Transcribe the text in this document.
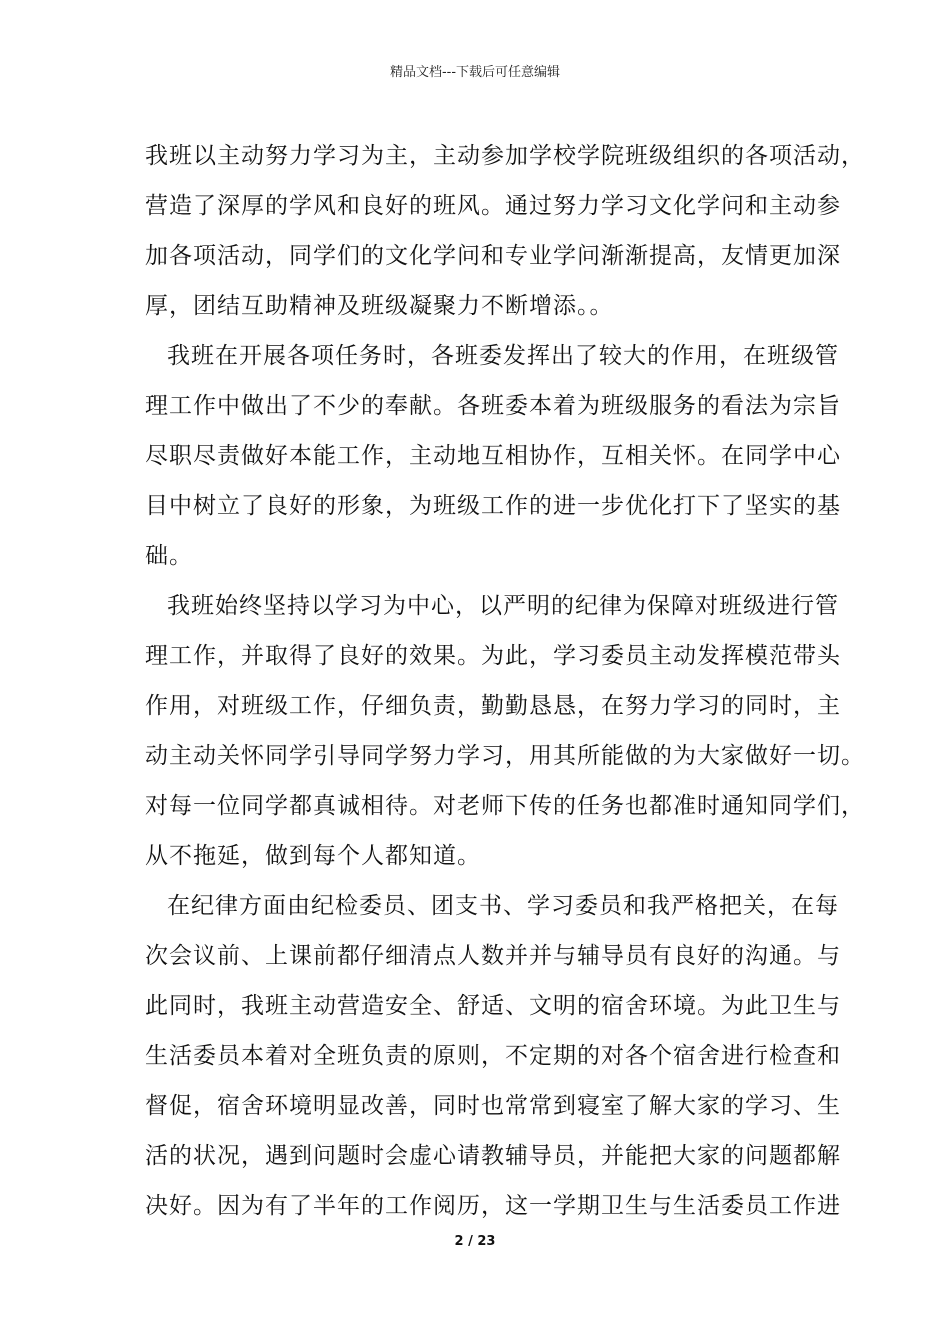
精品文档---下载后可任意编辑

我班以主动努力学习为主，主动参加学校学院班级组织的各项活动，
营造了深厚的学风和良好的班风。通过努力学习文化学问和主动参
加各项活动，同学们的文化学问和专业学问渐渐提高，友情更加深
厚，团结互助精神及班级凝聚力不断增添。。

我班在开展各项任务时，各班委发挥出了较大的作用，在班级管
理工作中做出了不少的奉献。各班委本着为班级服务的看法为宗旨
尽职尽责做好本能工作，主动地互相协作，互相关怀。在同学中心
目中树立了良好的形象，为班级工作的进一步优化打下了坚实的基
础。

我班始终坚持以学习为中心，以严明的纪律为保障对班级进行管
理工作，并取得了良好的效果。为此，学习委员主动发挥模范带头
作用，对班级工作，仔细负责，勤勤恳恳，在努力学习的同时，主
动主动关怀同学引导同学努力学习，用其所能做的为大家做好一切。
对每一位同学都真诚相待。对老师下传的任务也都准时通知同学们，
从不拖延，做到每个人都知道。

在纪律方面由纪检委员、团支书、学习委员和我严格把关，在每
次会议前、上课前都仔细清点人数并并与辅导员有良好的沟通。与
此同时，我班主动营造安全、舒适、文明的宿舍环境。为此卫生与
生活委员本着对全班负责的原则，不定期的对各个宿舍进行检查和
督促，宿舍环境明显改善，同时也常常到寝室了解大家的学习、生
活的状况，遇到问题时会虚心请教辅导员，并能把大家的问题都解
决好。因为有了半年的工作阅历，这一学期卫生与生活委员工作进

2 / 23
